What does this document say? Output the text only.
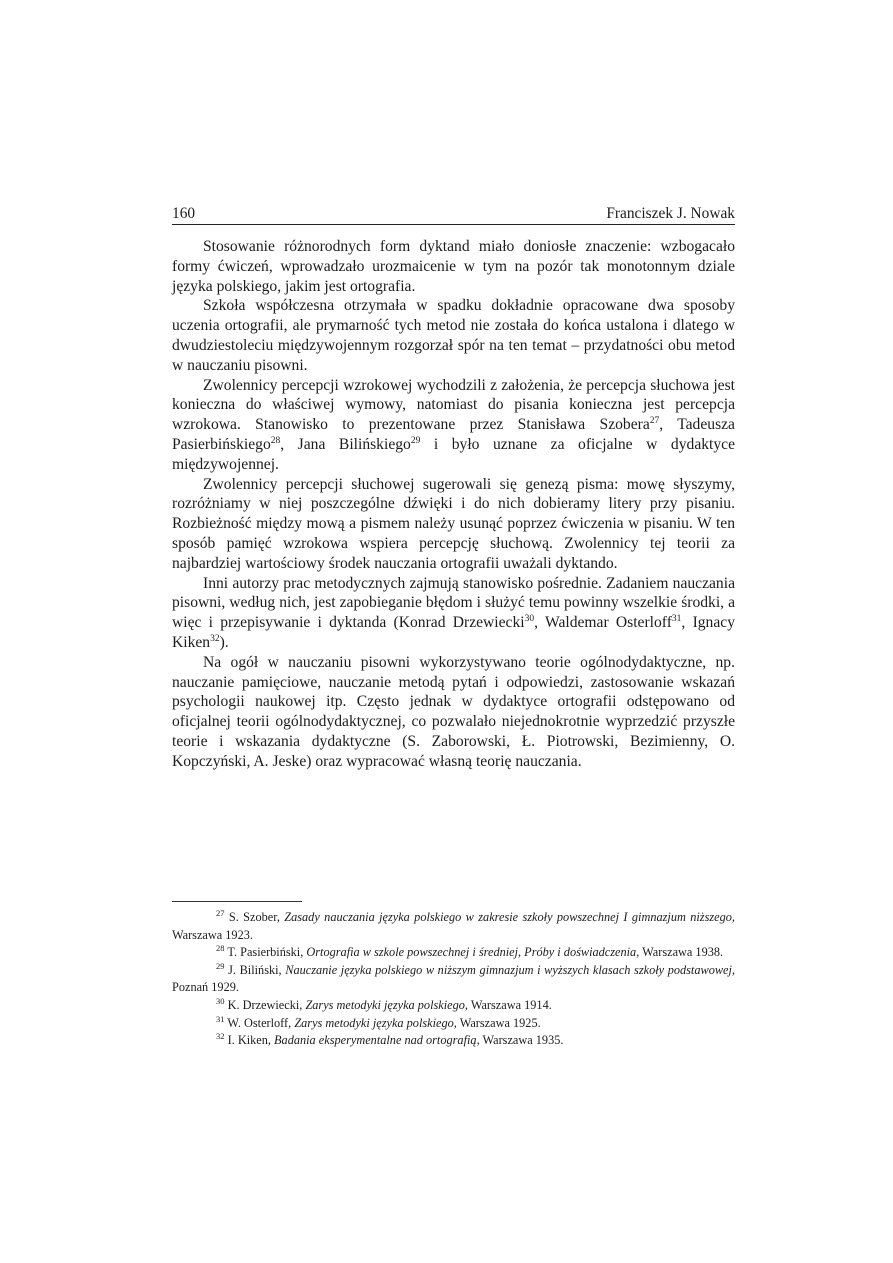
160	Franciszek J. Nowak

Stosowanie różnorodnych form dyktand miało doniosłe znaczenie: wzbogacało formy ćwiczeń, wprowadzało urozmaicenie w tym na pozór tak monotonnym dziale języka polskiego, jakim jest ortografia.

Szkoła współczesna otrzymała w spadku dokładnie opracowane dwa sposoby uczenia ortografii, ale prymarność tych metod nie została do końca ustalona i dlatego w dwudziestoleciu międzywojennym rozgorzał spór na ten temat – przydatności obu metod w nauczaniu pisowni.

Zwolennicy percepcji wzrokowej wychodzili z założenia, że percepcja słuchowa jest konieczna do właściwej wymowy, natomiast do pisania konieczna jest percepcja wzrokowa. Stanowisko to prezentowane przez Stanisława Szobera$^{27}$, Tadeusza Pasierbińskiego$^{28}$, Jana Bilińskiego$^{29}$ i było uznane za oficjalne w dydaktyce międzywojennej.

Zwolennicy percepcji słuchowej sugerowali się genezą pisma: mowę słyszymy, rozróżniamy w niej poszczególne dźwięki i do nich dobieramy litery przy pisaniu. Rozbieżność między mową a pismem należy usunąć poprzez ćwiczenia w pisaniu. W ten sposób pamięć wzrokowa wspiera percepcję słuchową. Zwolennicy tej teorii za najbardziej wartościowy środek nauczania ortografii uważali dyktando.

Inni autorzy prac metodycznych zajmują stanowisko pośrednie. Zadaniem nauczania pisowni, według nich, jest zapobieganie błędom i służyć temu powinny wszelkie środki, a więc i przepisywanie i dyktanda (Konrad Drzewiecki$^{30}$, Waldemar Osterloff$^{31}$, Ignacy Kiken$^{32}$).

Na ogół w nauczaniu pisowni wykorzystywano teorie ogólnodydaktyczne, np. nauczanie pamięciowe, nauczanie metodą pytań i odpowiedzi, zastosowanie wskazań psychologii naukowej itp. Często jednak w dydaktyce ortografii odstępowano od oficjalnej teorii ogólnodydaktycznej, co pozwalało niejednokrotnie wyprzedzić przyszłe teorie i wskazania dydaktyczne (S. Zaborowski, Ł. Piotrowski, Bezimienny, O. Kopczyński, A. Jeske) oraz wypracować własną teorię nauczania.

$^{27}$ S. Szober, Zasady nauczania języka polskiego w zakresie szkoły powszechnej I gimnazjum niższego, Warszawa 1923.

$^{28}$ T. Pasierbiński, Ortografia w szkole powszechnej i średniej, Próby i doświadczenia, Warszawa 1938.

$^{29}$ J. Biliński, Nauczanie języka polskiego w niższym gimnazjum i wyższych klasach szkoły podstawowej, Poznań 1929.

$^{30}$ K. Drzewiecki, Zarys metodyki języka polskiego, Warszawa 1914.

$^{31}$ W. Osterloff, Zarys metodyki języka polskiego, Warszawa 1925.

$^{32}$ I. Kiken, Badania eksperymentalne nad ortografią, Warszawa 1935.
